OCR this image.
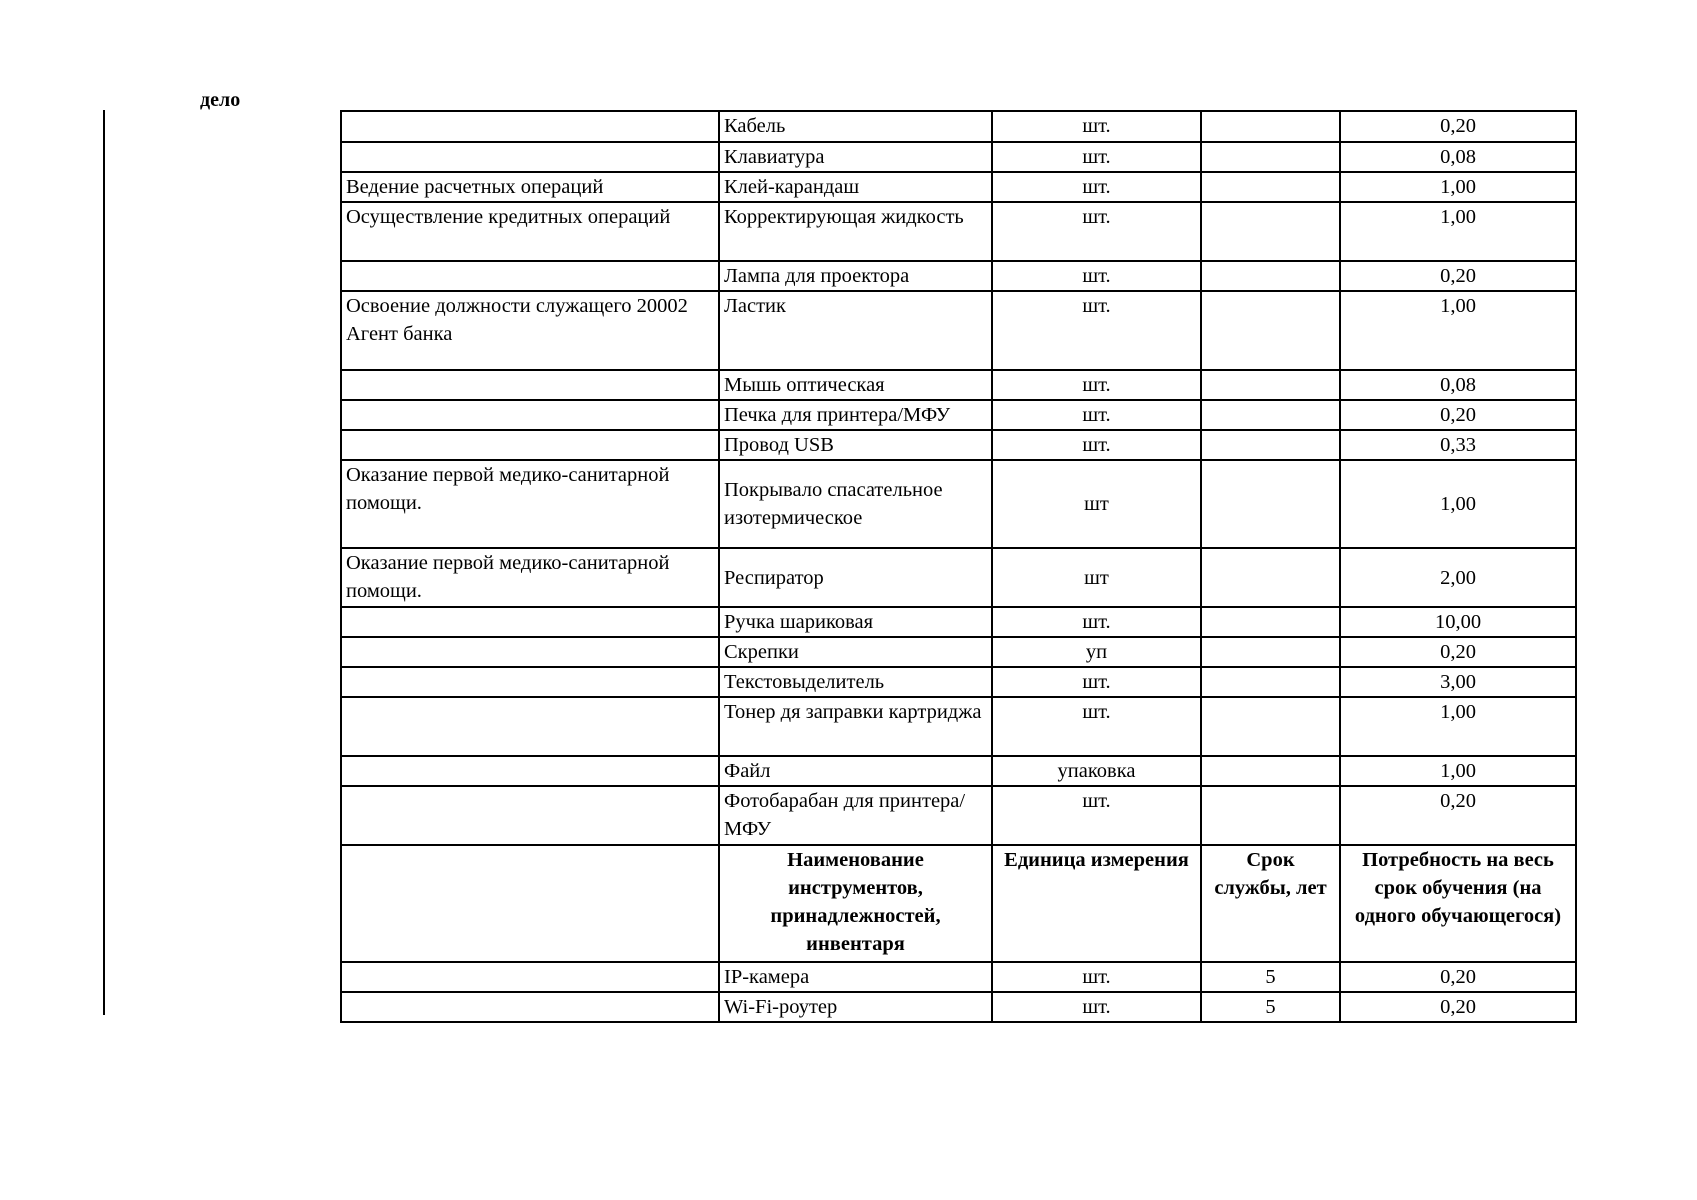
дело
	Кабель	шт.		0,20
	Клавиатура	шт.		0,08
Ведение расчетных операций	Клей-карандаш	шт.		1,00
Осуществление кредитных операций	Корректирующая жидкость	шт.		1,00
	Лампа для проектора	шт.		0,20
Освоение должности служащего 20002 Агент банка	Ластик	шт.		1,00
	Мышь оптическая	шт.		0,08
	Печка для принтера/МФУ	шт.		0,20
	Провод USB	шт.		0,33
Оказание первой медико-санитарной помощи.	Покрывало спасательное изотермическое	шт		1,00
Оказание первой медико-санитарной помощи.	Респиратор	шт		2,00
	Ручка шариковая	шт.		10,00
	Скрепки	уп		0,20
	Текстовыделитель	шт.		3,00
	Тонер дя заправки картриджа	шт.		1,00
	Файл	упаковка		1,00
	Фотобарабан для принтера/МФУ	шт.		0,20
	Наименование инструментов, принадлежностей, инвентаря	Единица измерения	Срок службы, лет	Потребность на весь срок обучения (на одного обучающегося)
	IP-камера	шт.	5	0,20
	Wi-Fi-роутер	шт.	5	0,20
